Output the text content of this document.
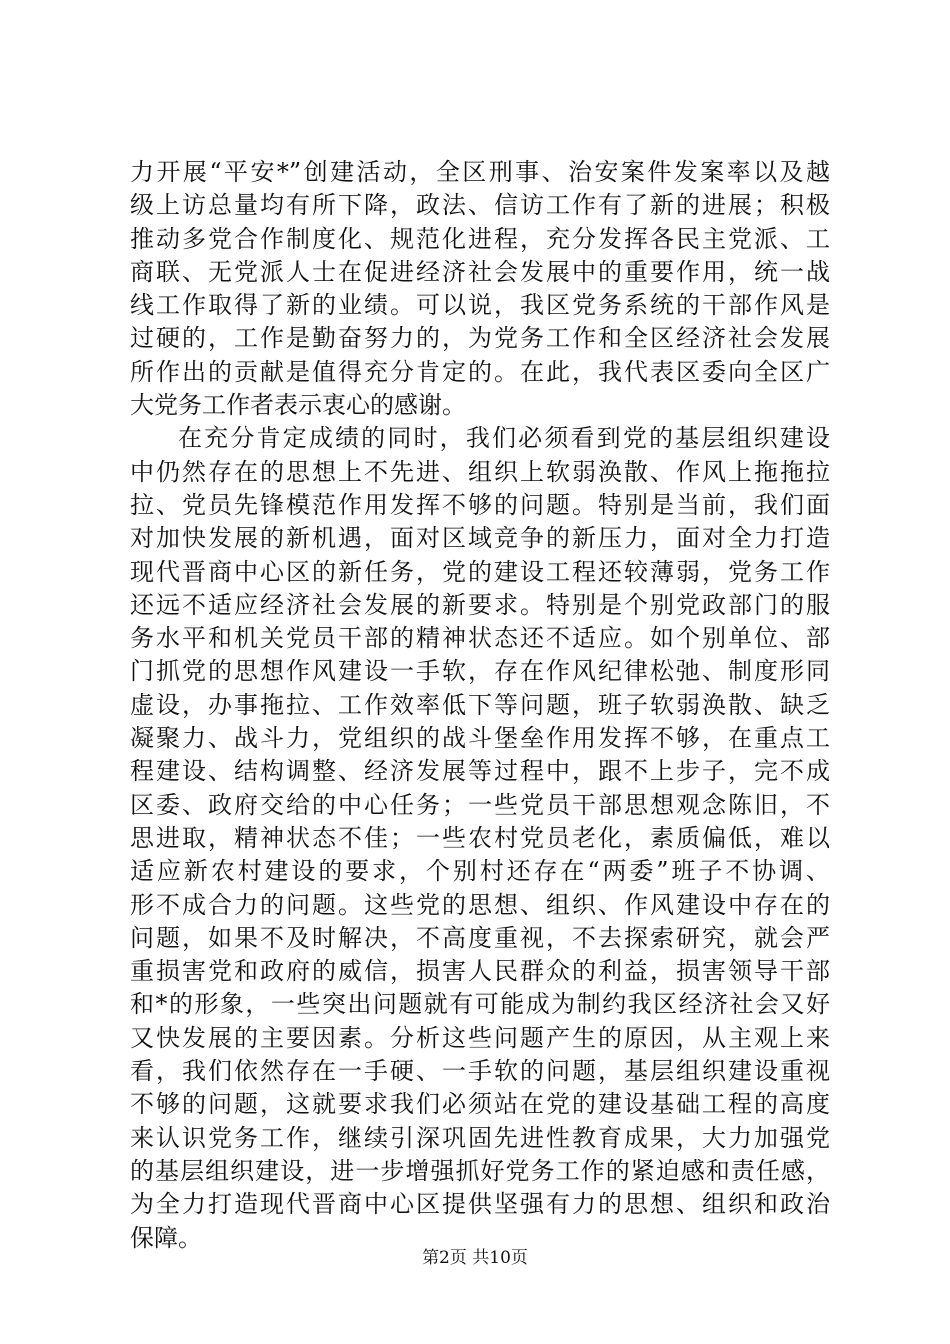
力开展“平安*”创建活动，全区刑事、治安案件发案率以及越
级上访总量均有所下降，政法、信访工作有了新的进展；积极
推动多党合作制度化、规范化进程，充分发挥各民主党派、工
商联、无党派人士在促进经济社会发展中的重要作用，统一战
线工作取得了新的业绩。可以说，我区党务系统的干部作风是
过硬的，工作是勤奋努力的，为党务工作和全区经济社会发展
所作出的贡献是值得充分肯定的。在此，我代表区委向全区广
大党务工作者表示衷心的感谢。
在充分肯定成绩的同时，我们必须看到党的基层组织建设
中仍然存在的思想上不先进、组织上软弱涣散、作风上拖拖拉
拉、党员先锋模范作用发挥不够的问题。特别是当前，我们面
对加快发展的新机遇，面对区域竞争的新压力，面对全力打造
现代晋商中心区的新任务，党的建设工程还较薄弱，党务工作
还远不适应经济社会发展的新要求。特别是个别党政部门的服
务水平和机关党员干部的精神状态还不适应。如个别单位、部
门抓党的思想作风建设一手软，存在作风纪律松弛、制度形同
虚设，办事拖拉、工作效率低下等问题，班子软弱涣散、缺乏
凝聚力、战斗力，党组织的战斗堡垒作用发挥不够，在重点工
程建设、结构调整、经济发展等过程中，跟不上步子，完不成
区委、政府交给的中心任务；一些党员干部思想观念陈旧，不
思进取，精神状态不佳；一些农村党员老化，素质偏低，难以
适应新农村建设的要求，个别村还存在“两委”班子不协调、
形不成合力的问题。这些党的思想、组织、作风建设中存在的
问题，如果不及时解决，不高度重视，不去探索研究，就会严
重损害党和政府的威信，损害人民群众的利益，损害领导干部
和*的形象，一些突出问题就有可能成为制约我区经济社会又好
又快发展的主要因素。分析这些问题产生的原因，从主观上来
看，我们依然存在一手硬、一手软的问题，基层组织建设重视
不够的问题，这就要求我们必须站在党的建设基础工程的高度
来认识党务工作，继续引深巩固先进性教育成果，大力加强党
的基层组织建设，进一步增强抓好党务工作的紧迫感和责任感，
为全力打造现代晋商中心区提供坚强有力的思想、组织和政治
保障。
第2页 共10页
